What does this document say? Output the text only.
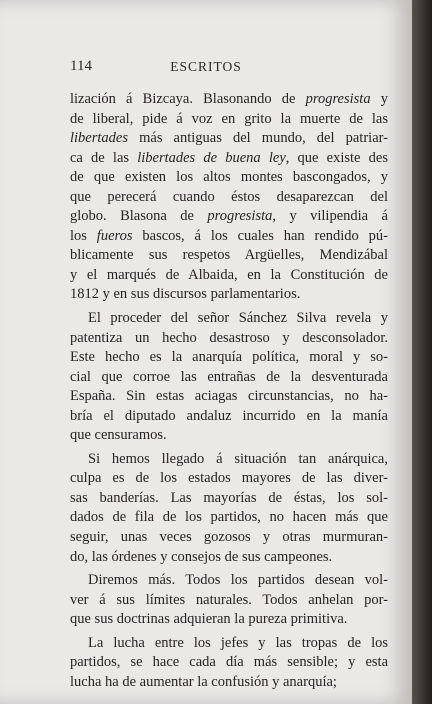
114	ESCRITOS
lización á Bizcaya. Blasonando de progresista y
de liberal, pide á voz en grito la muerte de las
libertades más antiguas del mundo, del patriar-
ca de las libertades de buena ley, que existe des
de que existen los altos montes bascongados, y
que perecerá cuando éstos desaparezcan del
globo. Blasona de progresista, y vilipendia á
los fueros bascos, á los cuales han rendido pú-
blicamente sus respetos Argüelles, Mendizábal
y el marqués de Albaida, en la Constitución de
1812 y en sus discursos parlamentarios.
El proceder del señor Sánchez Silva revela y
patentiza un hecho desastroso y desconsolador.
Este hecho es la anarquía política, moral y so-
cial que corroe las entrañas de la desventurada
España. Sin estas aciagas circunstancias, no ha-
bría el diputado andaluz incurrido en la manía
que censuramos.
Si hemos llegado á situación tan anárquica,
culpa es de los estados mayores de las diver-
sas banderías. Las mayorías de éstas, los sol-
dados de fila de los partidos, no hacen más que
seguir, unas veces gozosos y otras murmuran-
do, las órdenes y consejos de sus campeones.
Diremos más. Todos los partidos desean vol-
ver á sus límites naturales. Todos anhelan por-
que sus doctrinas adquieran la pureza primitiva.
La lucha entre los jefes y las tropas de los
partidos, se hace cada día más sensible; y esta
lucha ha de aumentar la confusión y anarquía;
